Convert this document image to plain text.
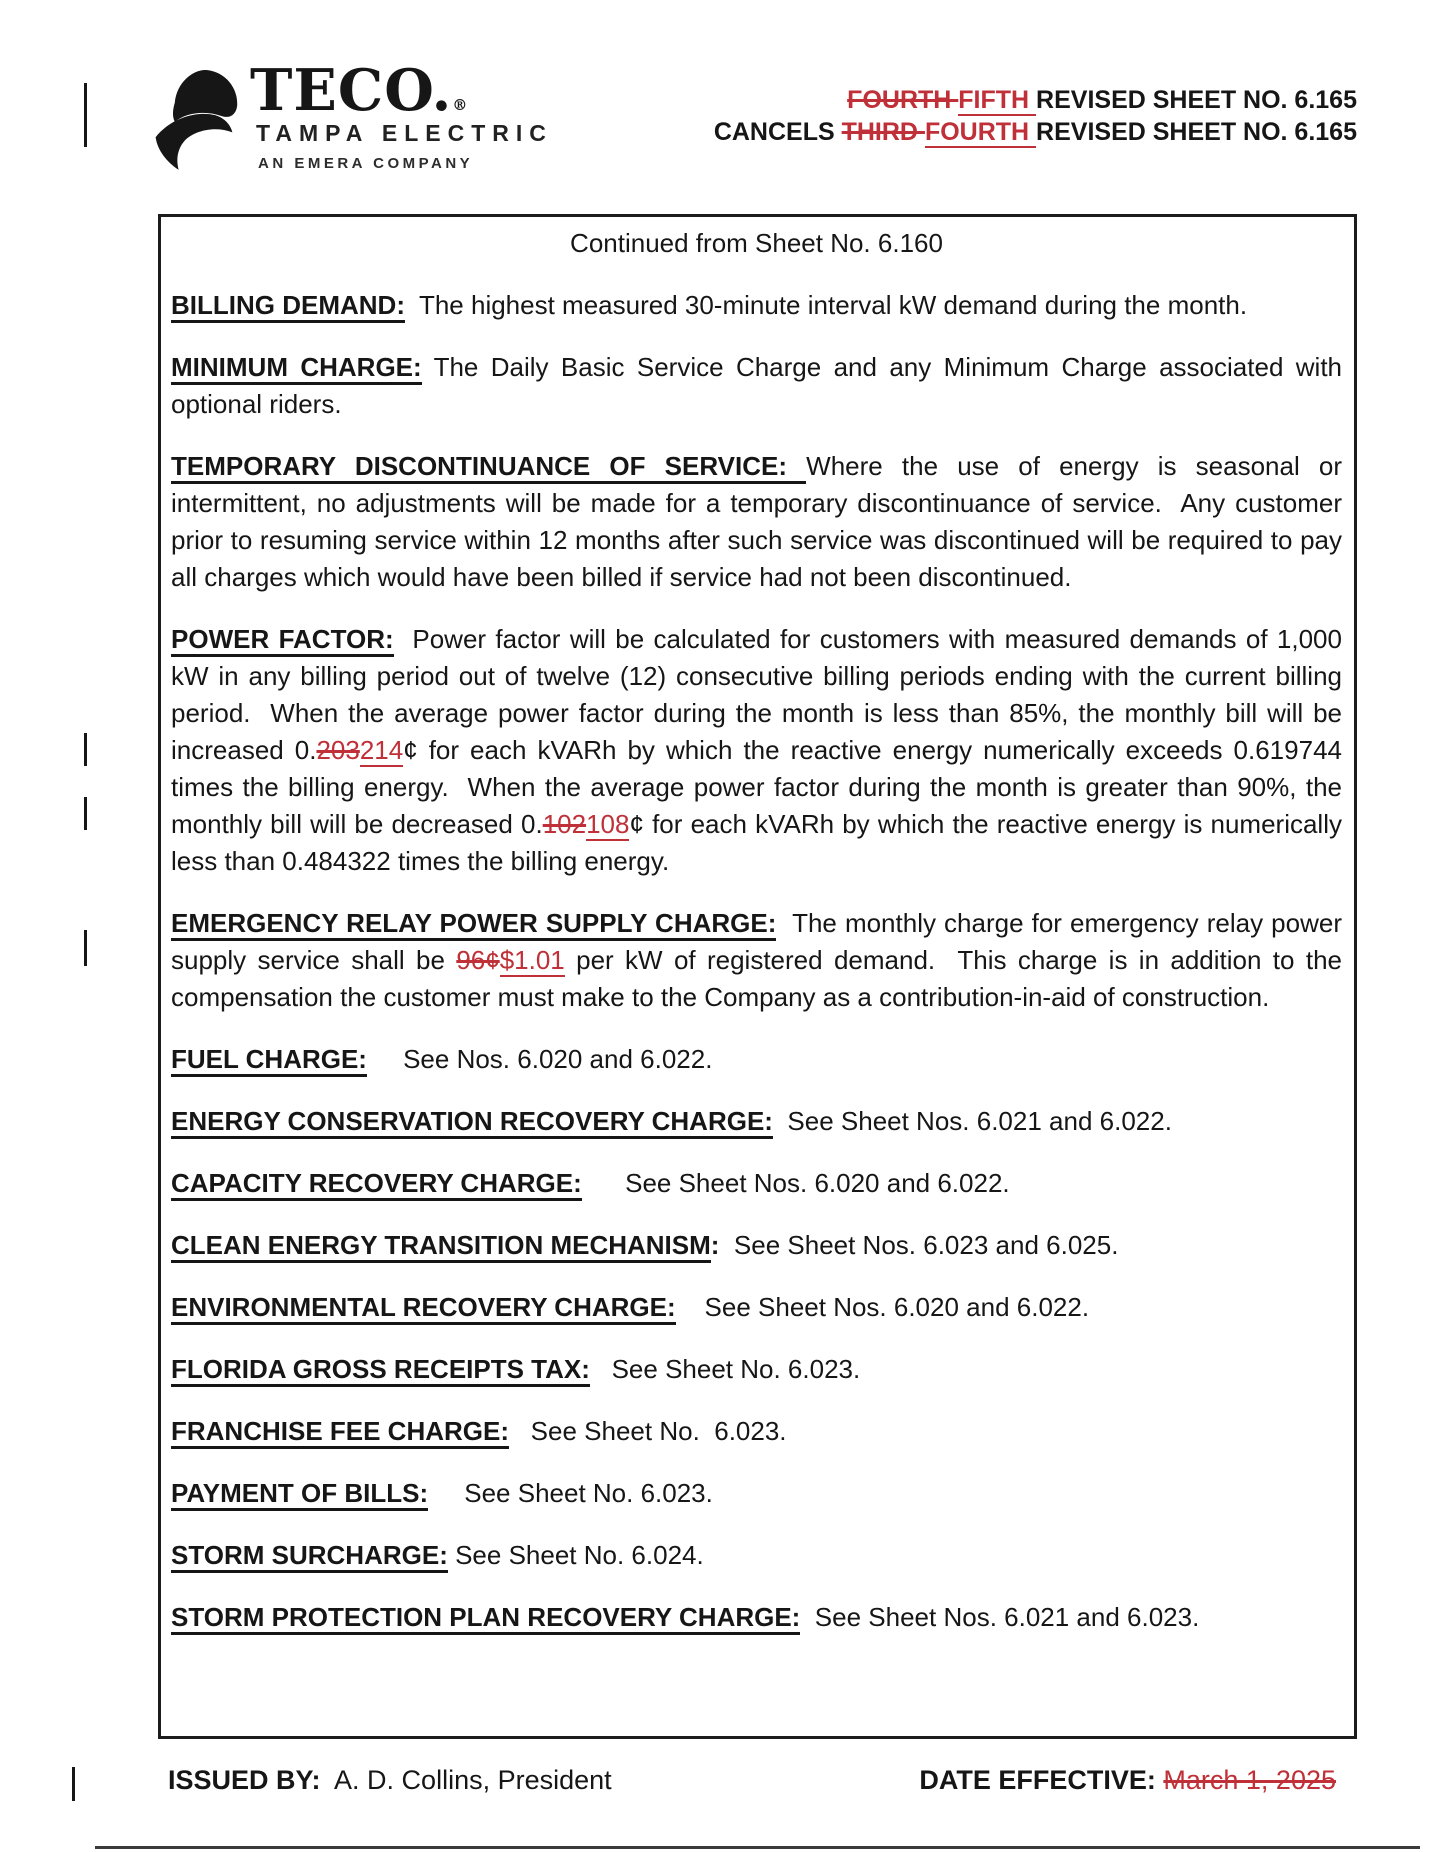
TECO.®
TAMPA ELECTRIC
AN EMERA COMPANY
FOURTH FIFTH REVISED SHEET NO. 6.165
CANCELS THIRD FOURTH REVISED SHEET NO. 6.165
Continued from Sheet No. 6.160
BILLING DEMAND:  The highest measured 30-minute interval kW demand during the month.
MINIMUM CHARGE: The Daily Basic Service Charge and any Minimum Charge associated with optional riders.
TEMPORARY DISCONTINUANCE OF SERVICE: Where the use of energy is seasonal or intermittent, no adjustments will be made for a temporary discontinuance of service.  Any customer prior to resuming service within 12 months after such service was discontinued will be required to pay all charges which would have been billed if service had not been discontinued.
POWER FACTOR:  Power factor will be calculated for customers with measured demands of 1,000 kW in any billing period out of twelve (12) consecutive billing periods ending with the current billing period.  When the average power factor during the month is less than 85%, the monthly bill will be increased 0.203214¢ for each kVARh by which the reactive energy numerically exceeds 0.619744 times the billing energy.  When the average power factor during the month is greater than 90%, the monthly bill will be decreased 0.102108¢ for each kVARh by which the reactive energy is numerically less than 0.484322 times the billing energy.
EMERGENCY RELAY POWER SUPPLY CHARGE:  The monthly charge for emergency relay power supply service shall be 96¢$1.01 per kW of registered demand.  This charge is in addition to the compensation the customer must make to the Company as a contribution-in-aid of construction.
FUEL CHARGE:     See Nos. 6.020 and 6.022.
ENERGY CONSERVATION RECOVERY CHARGE:  See Sheet Nos. 6.021 and 6.022.
CAPACITY RECOVERY CHARGE:      See Sheet Nos. 6.020 and 6.022.
CLEAN ENERGY TRANSITION MECHANISM:  See Sheet Nos. 6.023 and 6.025.
ENVIRONMENTAL RECOVERY CHARGE:    See Sheet Nos. 6.020 and 6.022.
FLORIDA GROSS RECEIPTS TAX:   See Sheet No. 6.023.
FRANCHISE FEE CHARGE:   See Sheet No.  6.023.
PAYMENT OF BILLS:     See Sheet No. 6.023.
STORM SURCHARGE: See Sheet No. 6.024.
STORM PROTECTION PLAN RECOVERY CHARGE:  See Sheet Nos. 6.021 and 6.023.
ISSUED BY:  A. D. Collins, President	DATE EFFECTIVE: March 1, 2025
